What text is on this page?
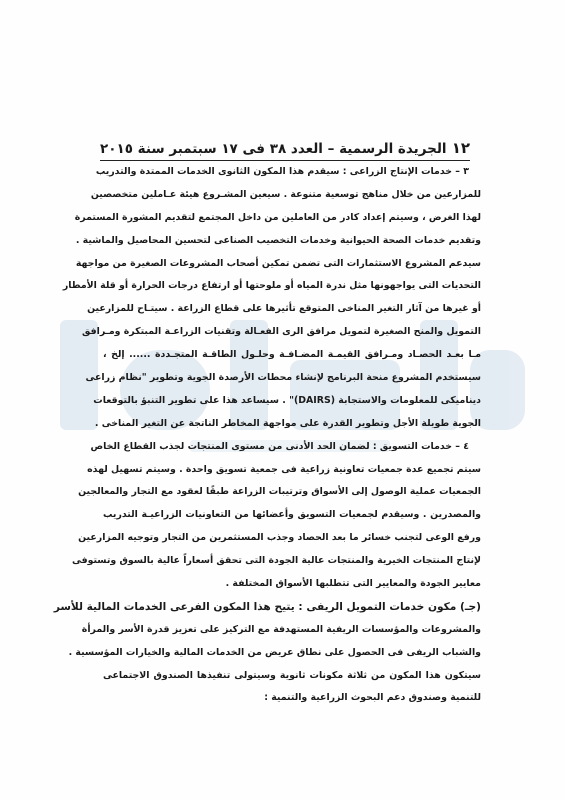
١٢
الجريدة الرسمية – العدد ٣٨ فى ١٧ سبتمبر سنة ٢٠١٥
٣ – خدمات الإنتاج الزراعى : سيقدم هذا المكون الثانوى الخدمات الممتدة والتدريب
للمزارعين من خلال مناهج توسعية متنوعة . سيعين المشـروع هيئة عـاملين متخصصين
لهذا الغرض ، وسيتم إعداد كادر من العاملين من داخل المجتمع لتقديم المشورة المستمرة
وتقديم خدمات الصحة الحيوانية وخدمات التخصيب الصناعى لتحسين المحاصيل والماشية .
سيدعم المشروع الاستثمارات التى تضمن تمكين أصحاب المشروعات الصغيرة من مواجهة
التحديات التى يواجهونها مثل ندرة المياه أو ملوحتها أو ارتفاع درجات الحرارة أو قلة الأمطار
أو غيرها من آثار التغير المناخى المتوقع تأثيرها على قطاع الزراعة . سيتـاح للمزارعين
التمويل والمنح الصغيرة لتمويل مرافق الرى الفعـالة وتقنيات الزراعـة المبتكرة ومـرافق
مـا بعـد الحصـاد ومـرافق القيمـة المضـافـة وحلـول الطاقـة المتجـددة ...... إلخ ،
سيستخدم المشروع منحة البرنامج لإنشاء محطات الأرصدة الجوية وتطوير "نظام زراعى
ديناميكى للمعلومات والاستجابة (DAIRS)" . سيساعد هذا على تطوير التنبؤ بالتوقعات
الجوية طويلة الأجل وتطوير القدرة على مواجهة المخاطر الناتجة عن التغير المناخى .
٤ – خدمات التسويق : لضمان الحد الأدنى من مستوى المنتجات لجذب القطاع الخاص
سيتم تجميع عدة جمعيات تعاونية زراعية فى جمعية تسويق واحدة . وسيتم تسهيل لهذه
الجمعيات عملية الوصول إلى الأسواق وترتيبات الزراعة طبقًا لعقود مع التجار والمعالجين
والمصدرين . وسيقدم لجمعيات التسويق وأعضائها من التعاونيات الزراعيـة التدريب
ورفع الوعى لتجنب خسائر ما بعد الحصاد وجذب المستثمرين من التجار وتوجيه المزارعين
لإنتاج المنتجات الخيرية والمنتجات عالية الجودة التى تحقق أسعاراً عالية بالسوق وتستوفى
معايير الجودة والمعايير التى تتطلبها الأسواق المختلفة .
(جـ) مكون خدمات التمويل الريفى : يتيح هذا المكون الفرعى الخدمات المالية للأسر
والمشروعات والمؤسسات الريفية المستهدفة مع التركيز على تعزيز قدرة الأسر والمرأة
والشباب الريفى فى الحصول على نطاق عريض من الخدمات المالية والخيارات المؤسسية .
سيتكون هذا المكون من ثلاثة مكونات ثانوية وسيتولى تنفيذها الصندوق الاجتماعى
للتنمية وصندوق دعم البحوث الزراعية والتنمية :
